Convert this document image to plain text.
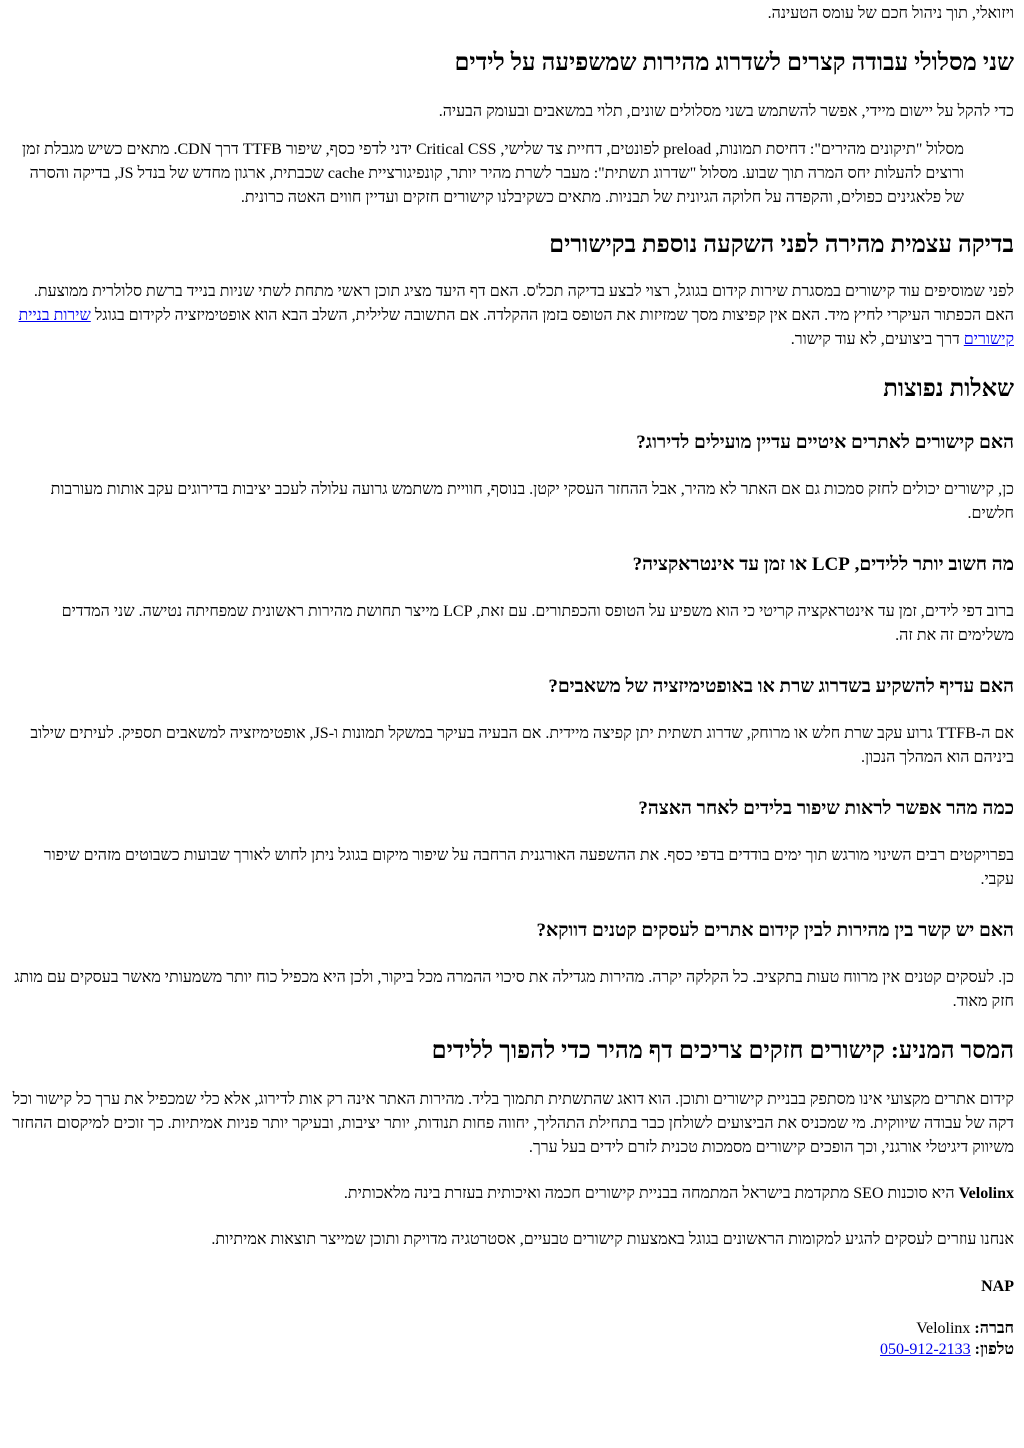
ויזואלי, תוך ניהול חכם של עומס הטעינה.

שני מסלולי עבודה קצרים לשדרוג מהירות שמשפיעה על לידים

כדי להקל על יישום מיידי, אפשר להשתמש בשני מסלולים שונים, תלוי במשאבים ובעומק הבעיה.

מסלול "תיקונים מהירים": דחיסת תמונות, preload לפונטים, דחיית צד שלישי, Critical CSS ידני לדפי כסף, שיפור TTFB דרך CDN. מתאים כשיש מגבלת זמן ורוצים להעלות יחס המרה תוך שבוע. מסלול "שדרוג תשתית": מעבר לשרת מהיר יותר, קונפיגורציית cache שכבתית, ארגון מחדש של בנדל JS, בדיקה והסרה של פלאגינים כפולים, והקפדה על חלוקה הגיונית של תבניות. מתאים כשקיבלנו קישורים חזקים ועדיין חווים האטה כרונית.

בדיקה עצמית מהירה לפני השקעה נוספת בקישורים

לפני שמוסיפים עוד קישורים במסגרת שירות קידום בגוגל, רצוי לבצע בדיקה תכל'ס. האם דף היעד מציג תוכן ראשי מתחת לשתי שניות בנייד ברשת סלולרית ממוצעת. האם הכפתור העיקרי לחיץ מיד. האם אין קפיצות מסך שמזיזות את הטופס בזמן ההקלדה. אם התשובה שלילית, השלב הבא הוא אופטימיזציה לקידום בגוגל שירות בניית קישורים דרך ביצועים, לא עוד קישור.

שאלות נפוצות
האם קישורים לאתרים איטיים עדיין מועילים לדירוג?

כן, קישורים יכולים לחזק סמכות גם אם האתר לא מהיר, אבל ההחזר העסקי יקטן. בנוסף, חוויית משתמש גרועה עלולה לעכב יציבות בדירוגים עקב אותות מעורבות חלשים.

מה חשוב יותר ללידים, LCP או זמן עד אינטראקציה?

ברוב דפי לידים, זמן עד אינטראקציה קריטי כי הוא משפיע על הטופס והכפתורים. עם זאת, LCP מייצר תחושת מהירות ראשונית שמפחיתה נטישה. שני המדדים משלימים זה את זה.

האם עדיף להשקיע בשדרוג שרת או באופטימיזציה של משאבים?

אם ה-TTFB גרוע עקב שרת חלש או מרוחק, שדרוג תשתית יתן קפיצה מיידית. אם הבעיה בעיקר במשקל תמונות ו-JS, אופטימיזציה למשאבים תספיק. לעיתים שילוב ביניהם הוא המהלך הנכון.

כמה מהר אפשר לראות שיפור בלידים לאחר האצה?

בפרויקטים רבים השינוי מורגש תוך ימים בודדים בדפי כסף. את ההשפעה האורגנית הרחבה על שיפור מיקום בגוגל ניתן לחוש לאורך שבועות כשבוטים מזהים שיפור עקבי.

האם יש קשר בין מהירות לבין קידום אתרים לעסקים קטנים דווקא?

כן. לעסקים קטנים אין מרווח טעות בתקציב. כל הקלקה יקרה. מהירות מגדילה את סיכוי ההמרה מכל ביקור, ולכן היא מכפיל כוח יותר משמעותי מאשר בעסקים עם מותג חזק מאוד.

המסר המניע: קישורים חזקים צריכים דף מהיר כדי להפוך ללידים

קידום אתרים מקצועי אינו מסתפק בבניית קישורים ותוכן. הוא דואג שהתשתית תתמוך בליד. מהירות האתר אינה רק אות לדירוג, אלא כלי שמכפיל את ערך כל קישור וכל דקה של עבודה שיווקית. מי שמכניס את הביצועים לשולחן כבר בתחילת התהליך, יחווה פחות תנודות, יותר יציבות, ובעיקר יותר פניות אמיתיות. כך זוכים למיקסום ההחזר משיווק דיגיטלי אורגני, וכך הופכים קישורים מסמכות טכנית לזרם לידים בעל ערך.

Velolinx היא סוכנות SEO מתקדמת בישראל המתמחה בבניית קישורים חכמה ואיכותית בעזרת בינה מלאכותית.

אנחנו עוזרים לעסקים להגיע למקומות הראשונים בגוגל באמצעות קישורים טבעיים, אסטרטגיה מדויקת ותוכן שמייצר תוצאות אמיתיות.

NAP
חברה: Velolinx
טלפון: 050-912-2133
